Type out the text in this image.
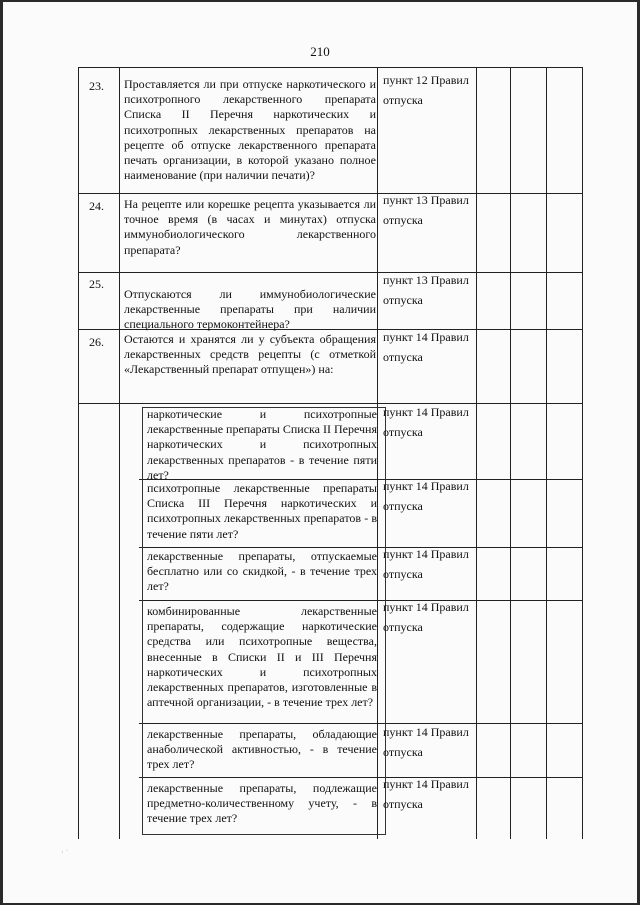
210
23. Проставляется ли при отпуске наркотического и психотропного лекарственного препарата Списка II Перечня наркотических и психотропных лекарственных препаратов на рецепте об отпуске лекарственного препарата печать организации, в которой указано полное наименование (при наличии печати)?
пункт 12 Правил отпуска
24. На рецепте или корешке рецепта указывается ли точное время (в часах и минутах) отпуска иммунобиологического лекарственного препарата?
пункт 13 Правил отпуска
25.
Отпускаются ли иммунобиологические лекарственные препараты при наличии специального термоконтейнера?
пункт 13 Правил отпуска
26. Остаются и хранятся ли у субъекта обращения лекарственных средств рецепты (с отметкой «Лекарственный препарат отпущен») на:
пункт 14 Правил отпуска
наркотические и психотропные лекарственные препараты Списка II Перечня наркотических и психотропных лекарственных препаратов - в течение пяти лет?
пункт 14 Правил отпуска
психотропные лекарственные препараты Списка III Перечня наркотических и психотропных лекарственных препаратов - в течение пяти лет?
пункт 14 Правил отпуска
лекарственные препараты, отпускаемые бесплатно или со скидкой, - в течение трех лет?
пункт 14 Правил отпуска
комбинированные лекарственные препараты, содержащие наркотические средства или психотропные вещества, внесенные в Списки II и III Перечня наркотических и психотропных лекарственных препаратов, изготовленные в аптечной организации, - в течение трех лет?
пункт 14 Правил отпуска
лекарственные препараты, обладающие анаболической активностью, - в течение трех лет?
пункт 14 Правил отпуска
лекарственные препараты, подлежащие предметно-количественному учету, - в течение трех лет?
пункт 14 Правил отпуска
· ˙
